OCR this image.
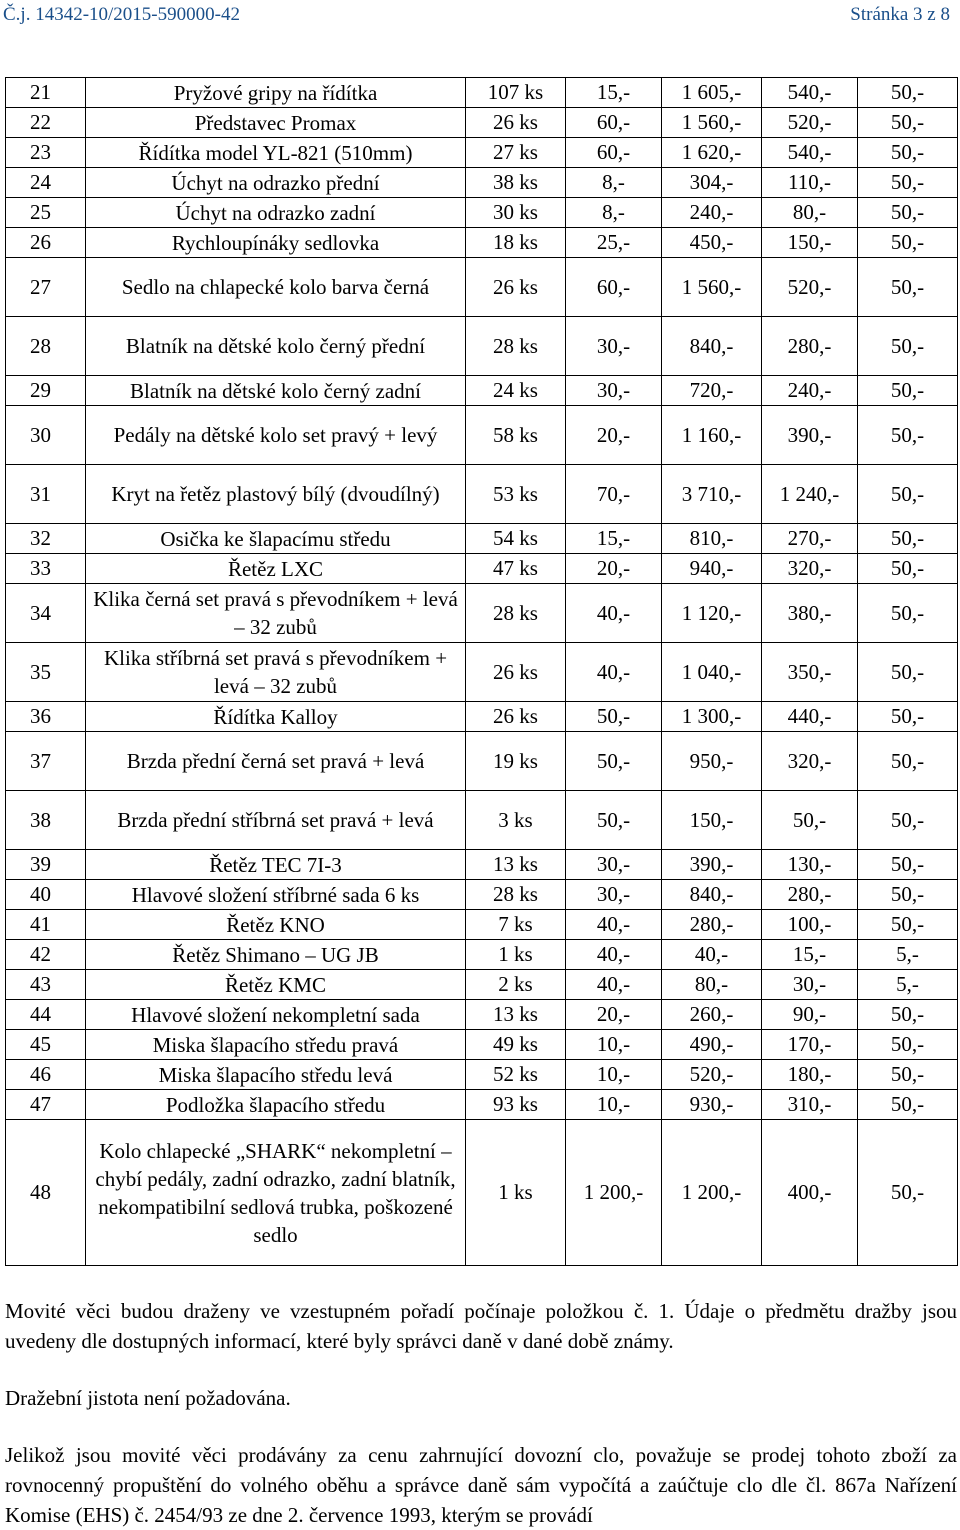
Č.j. 14342-10/2015-590000-42	Stránka 3 z 8
21	Pryžové gripy na řídítka	107 ks	15,-	1 605,-	540,-	50,-
22	Představec Promax	26 ks	60,-	1 560,-	520,-	50,-
23	Řídítka model YL-821 (510mm)	27 ks	60,-	1 620,-	540,-	50,-
24	Úchyt na odrazko přední	38 ks	8,-	304,-	110,-	50,-
25	Úchyt na odrazko zadní	30 ks	8,-	240,-	80,-	50,-
26	Rychloupínáky sedlovka	18 ks	25,-	450,-	150,-	50,-
27	Sedlo na chlapecké kolo barva černá	26 ks	60,-	1 560,-	520,-	50,-
28	Blatník na dětské kolo černý přední	28 ks	30,-	840,-	280,-	50,-
29	Blatník na dětské kolo černý zadní	24 ks	30,-	720,-	240,-	50,-
30	Pedály na dětské kolo set pravý + levý	58 ks	20,-	1 160,-	390,-	50,-
31	Kryt na řetěz plastový bílý (dvoudílný)	53 ks	70,-	3 710,-	1 240,-	50,-
32	Osička ke šlapacímu středu	54 ks	15,-	810,-	270,-	50,-
33	Řetěz LXC	47 ks	20,-	940,-	320,-	50,-
34	Klika černá set pravá s převodníkem + levá – 32 zubů	28 ks	40,-	1 120,-	380,-	50,-
35	Klika stříbrná set pravá s převodníkem + levá – 32 zubů	26 ks	40,-	1 040,-	350,-	50,-
36	Řídítka Kalloy	26 ks	50,-	1 300,-	440,-	50,-
37	Brzda přední černá set pravá + levá	19 ks	50,-	950,-	320,-	50,-
38	Brzda přední stříbrná set pravá + levá	3 ks	50,-	150,-	50,-	50,-
39	Řetěz TEC 7I-3	13 ks	30,-	390,-	130,-	50,-
40	Hlavové složení stříbrné sada 6 ks	28 ks	30,-	840,-	280,-	50,-
41	Řetěz KNO	7 ks	40,-	280,-	100,-	50,-
42	Řetěz Shimano – UG JB	1 ks	40,-	40,-	15,-	5,-
43	Řetěz KMC	2 ks	40,-	80,-	30,-	5,-
44	Hlavové složení nekompletní sada	13 ks	20,-	260,-	90,-	50,-
45	Miska šlapacího středu pravá	49 ks	10,-	490,-	170,-	50,-
46	Miska šlapacího středu levá	52 ks	10,-	520,-	180,-	50,-
47	Podložka šlapacího středu	93 ks	10,-	930,-	310,-	50,-
48	Kolo chlapecké „SHARK“ nekompletní – chybí pedály, zadní odrazko, zadní blatník, nekompatibilní sedlová trubka, poškozené sedlo	1 ks	1 200,-	1 200,-	400,-	50,-
Movité věci budou draženy ve vzestupném pořadí počínaje položkou č. 1. Údaje o předmětu dražby jsou uvedeny dle dostupných informací, které byly správci daně v dané době známy.
Dražební jistota není požadována.
Jelikož jsou movité věci prodávány za cenu zahrnující dovozní clo, považuje se prodej tohoto zboží za rovnocenný propuštění do volného oběhu a správce daně sám vypočítá a zaúčtuje clo dle čl. 867a Nařízení Komise (EHS) č. 2454/93 ze dne 2. července 1993, kterým se provádí
